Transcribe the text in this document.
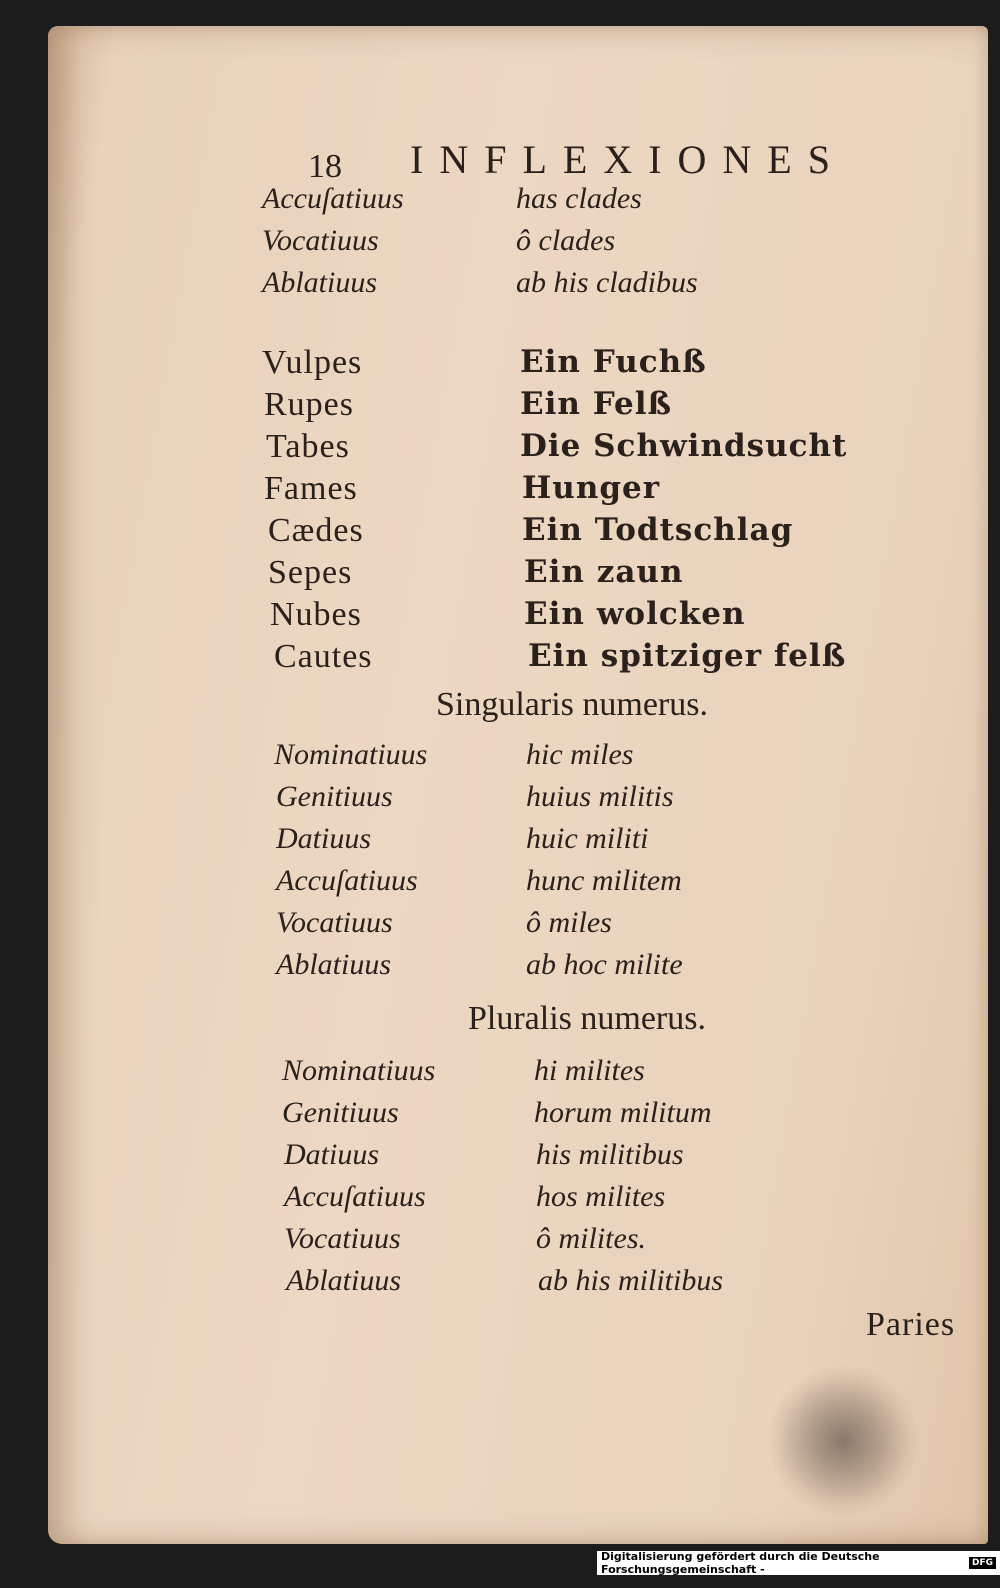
18 INFLEXIONES
Accuſatiuus	has clades
Vocatiuus	ô clades
Ablatiuus	ab his cladibus
Vulpes	Ein Fuchß
Rupes	Ein Felß
Tabes	Die Schwindsucht
Fames	Hunger
Cædes	Ein Todtschlag
Sepes	Ein zaun
Nubes	Ein wolcken
Cautes	Ein spitziger felß
Singularis numerus.
Nominatiuus	hic miles
Genitiuus	huius militis
Datiuus	huic militi
Accuſatiuus	hunc militem
Vocatiuus	ô miles
Ablatiuus	ab hoc milite
Pluralis numerus.
Nominatiuus	hi milites
Genitiuus	horum militum
Datiuus	his militibus
Accuſatiuus	hos milites
Vocatiuus	ô milites.
Ablatiuus	ab his militibus
Paries
Digitalisierung gefördert durch die Deutsche Forschungsgemeinschaft -	DFG
